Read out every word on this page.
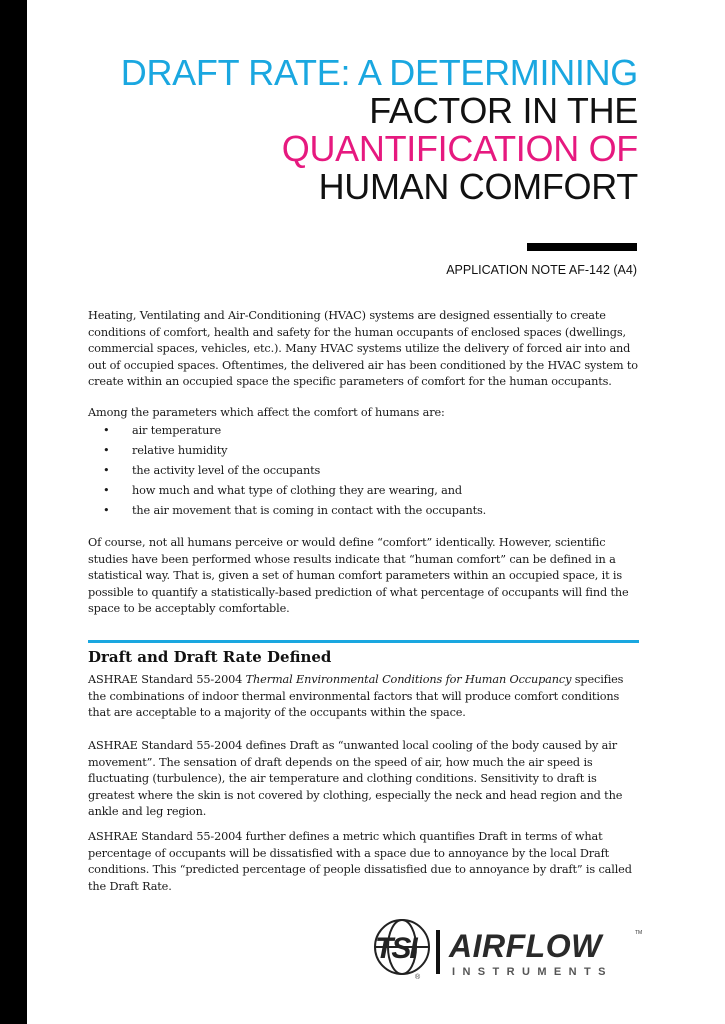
DRAFT RATE: A DETERMINING
FACTOR IN THE
QUANTIFICATION OF
HUMAN COMFORT
APPLICATION NOTE AF-142 (A4)

Heating, Ventilating and Air-Conditioning (HVAC) systems are designed essentially to create conditions of comfort, health and safety for the human occupants of enclosed spaces (dwellings, commercial spaces, vehicles, etc.). Many HVAC systems utilize the delivery of forced air into and out of occupied spaces. Oftentimes, the delivered air has been conditioned by the HVAC system to create within an occupied space the specific parameters of comfort for the human occupants.

Among the parameters which affect the comfort of humans are:

• air temperature
• relative humidity
• the activity level of the occupants
• how much and what type of clothing they are wearing, and
• the air movement that is coming in contact with the occupants.

Of course, not all humans perceive or would define “comfort” identically. However, scientific studies have been performed whose results indicate that “human comfort” can be defined in a statistical way. That is, given a set of human comfort parameters within an occupied space, it is possible to quantify a statistically-based prediction of what percentage of occupants will find the space to be acceptably comfortable.

Draft and Draft Rate Defined

ASHRAE Standard 55-2004 Thermal Environmental Conditions for Human Occupancy specifies the combinations of indoor thermal environmental factors that will produce comfort conditions that are acceptable to a majority of the occupants within the space.

ASHRAE Standard 55-2004 defines Draft as “unwanted local cooling of the body caused by air movement”. The sensation of draft depends on the speed of air, how much the air speed is fluctuating (turbulence), the air temperature and clothing conditions. Sensitivity to draft is greatest where the skin is not covered by clothing, especially the neck and head region and the ankle and leg region.

ASHRAE Standard 55-2004 further defines a metric which quantifies Draft in terms of what percentage of occupants will be dissatisfied with a space due to annoyance by the local Draft conditions. This “predicted percentage of people dissatisfied due to annoyance by draft” is called the Draft Rate.

TSI
®
AIRFLOW	TM
INSTRUMENTS
